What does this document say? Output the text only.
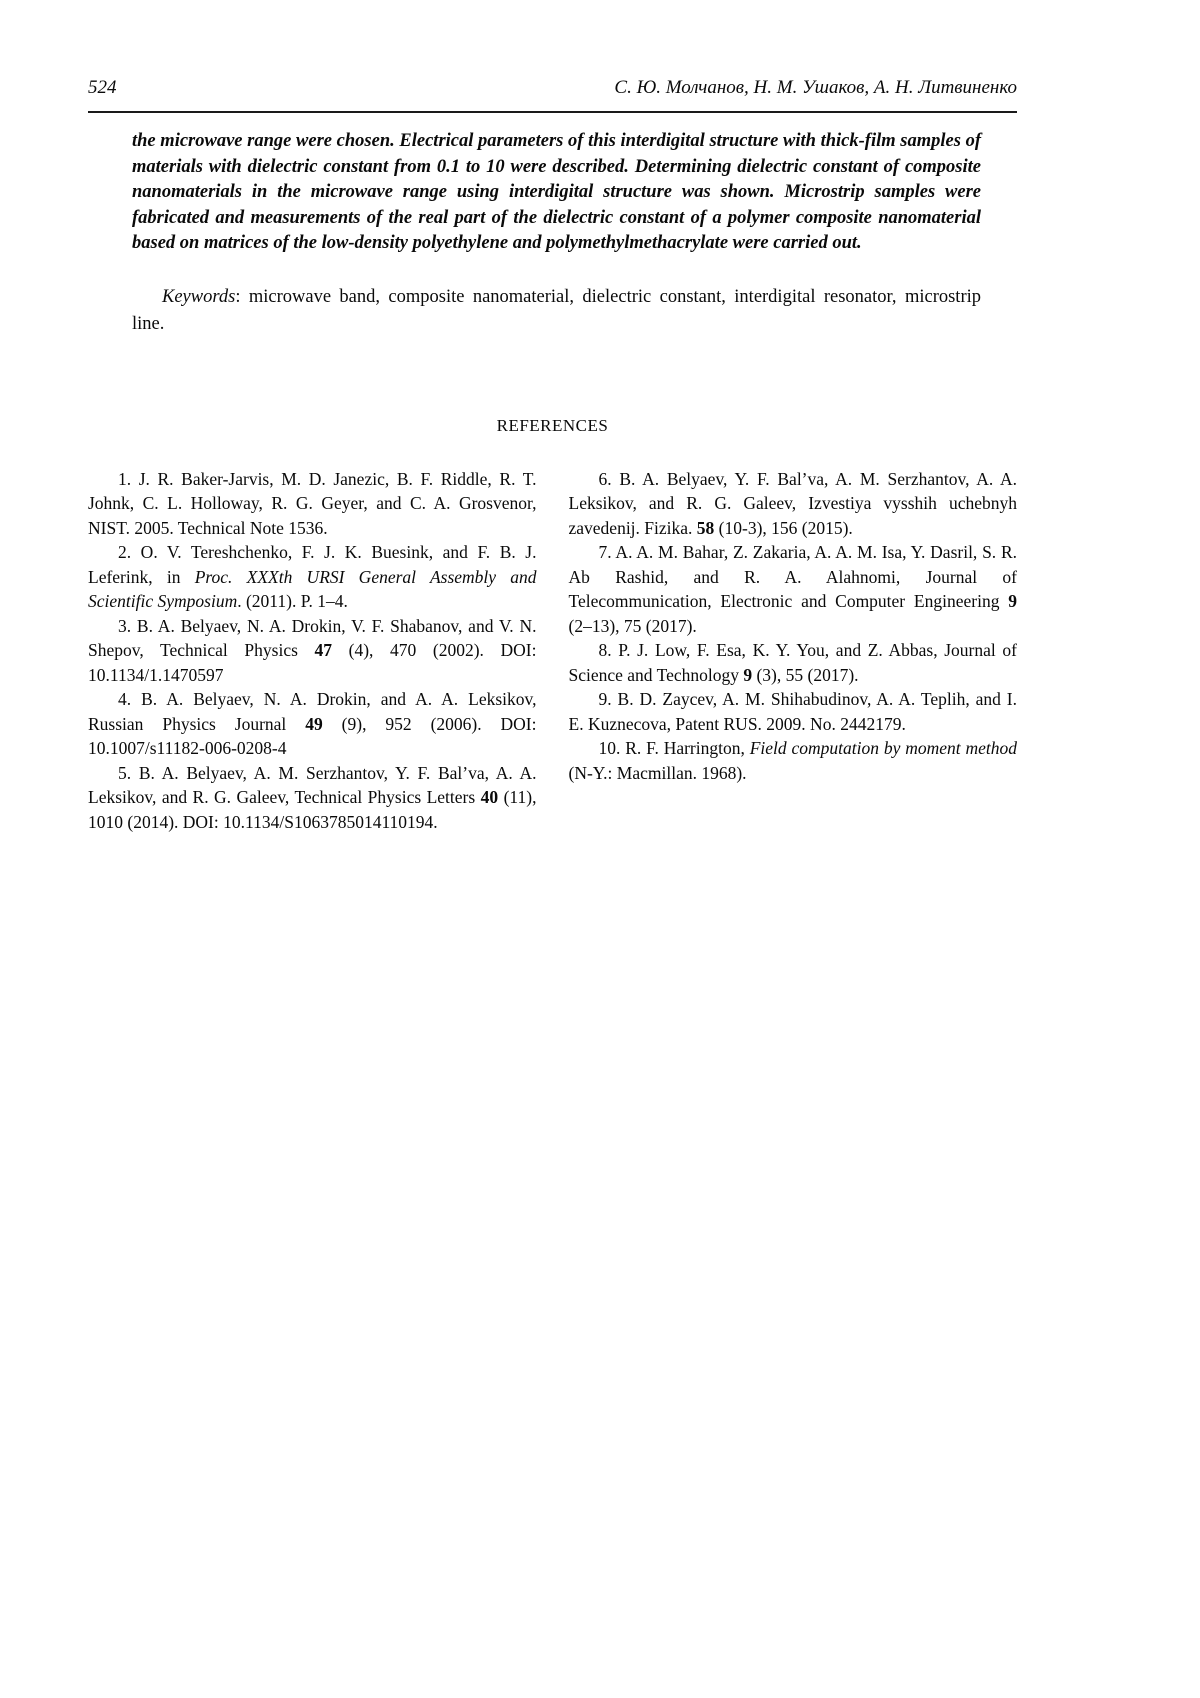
524	С. Ю. Молчанов, Н. М. Ушаков, А. Н. Литвиненко

the microwave range were chosen. Electrical parameters of this interdigital structure with thick-film samples of materials with dielectric constant from 0.1 to 10 were described. Determining dielectric constant of composite nanomaterials in the microwave range using interdigital structure was shown. Microstrip samples were fabricated and measurements of the real part of the dielectric constant of a polymer composite nanomaterial based on matrices of the low-density polyethylene and polymethylmethacrylate were carried out.

Keywords: microwave band, composite nanomaterial, dielectric constant, interdigital resonator, microstrip line.

REFERENCES

1. J. R. Baker-Jarvis, M. D. Janezic, B. F. Riddle, R. T. Johnk, C. L. Holloway, R. G. Geyer, and C. A. Grosvenor, NIST. 2005. Technical Note 1536.

2. O. V. Tereshchenko, F. J. K. Buesink, and F. B. J. Leferink, in Proc. XXXth URSI General Assembly and Scientific Symposium. (2011). P. 1–4.

3. B. A. Belyaev, N. A. Drokin, V. F. Shabanov, and V. N. Shepov, Technical Physics 47 (4), 470 (2002). DOI: 10.1134/1.1470597

4. B. A. Belyaev, N. A. Drokin, and A. A. Leksikov, Russian Physics Journal 49 (9), 952 (2006). DOI: 10.1007/s11182-006-0208-4

5. B. A. Belyaev, A. M. Serzhantov, Y. F. Bal’va, A. A. Leksikov, and R. G. Galeev, Technical Physics Letters 40 (11), 1010 (2014). DOI: 10.1134/S1063785014110194.

6. B. A. Belyaev, Y. F. Bal’va, A. M. Serzhantov, A. A. Leksikov, and R. G. Galeev, Izvestiya vysshih uchebnyh zavedenij. Fizika. 58 (10-3), 156 (2015).

7. A. A. M. Bahar, Z. Zakaria, A. A. M. Isa, Y. Dasril, S. R. Ab Rashid, and R. A. Alahnomi, Journal of Telecommunication, Electronic and Computer Engineering 9 (2–13), 75 (2017).

8. P. J. Low, F. Esa, K. Y. You, and Z. Abbas, Journal of Science and Technology 9 (3), 55 (2017).

9. B. D. Zaycev, A. M. Shihabudinov, A. A. Teplih, and I. E. Kuznecova, Patent RUS. 2009. No. 2442179.

10. R. F. Harrington, Field computation by moment method (N-Y.: Macmillan. 1968).
